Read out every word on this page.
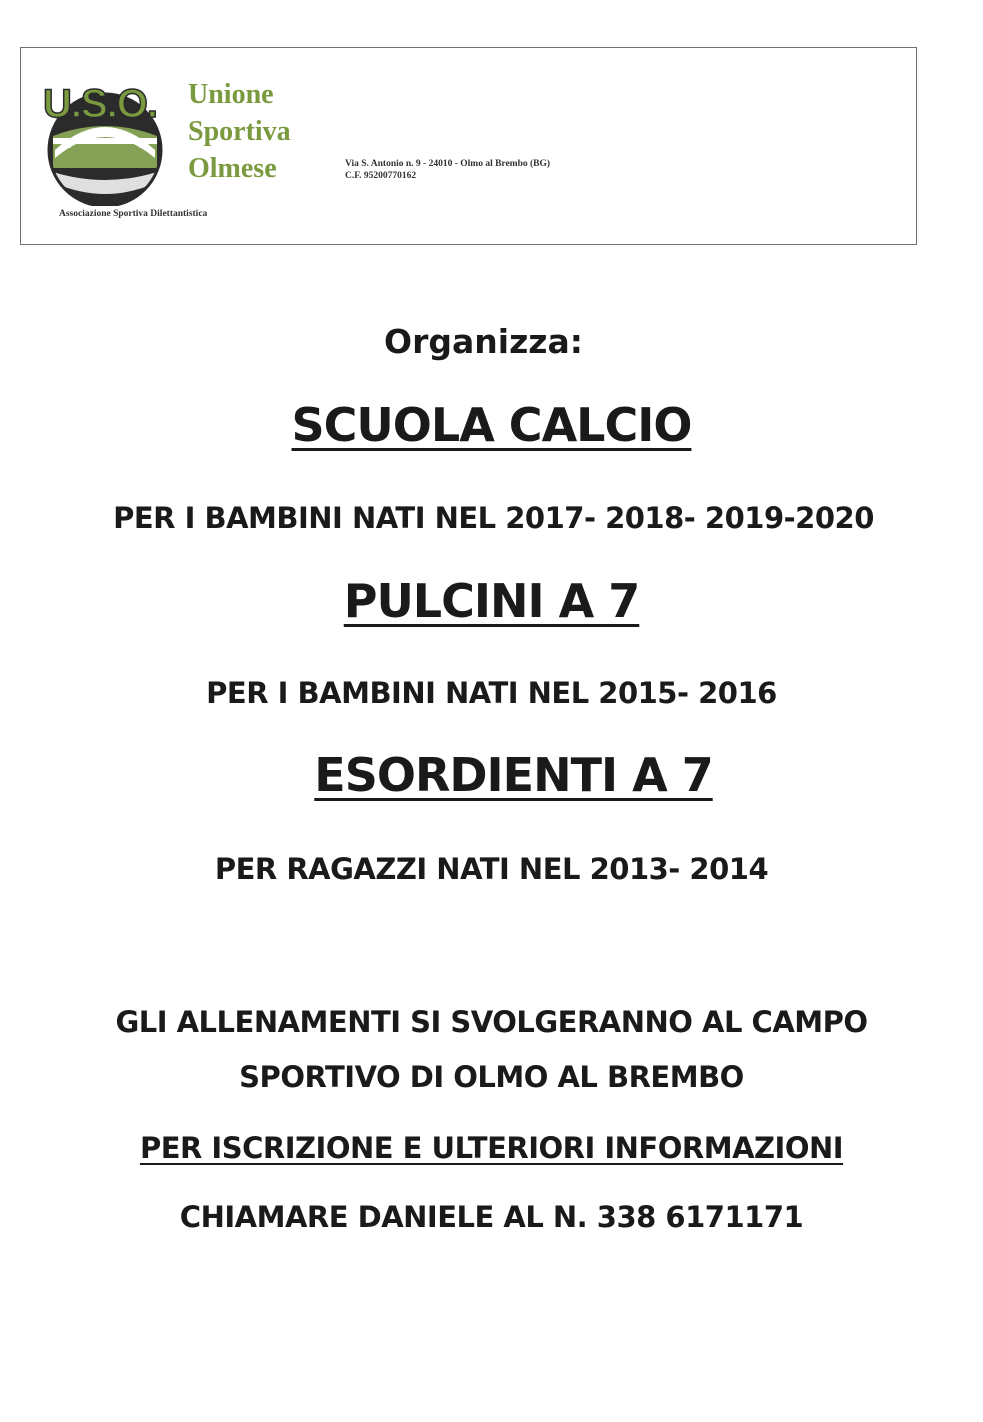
U.S.O.	Unione
Sportiva
Olmese	Via S. Antonio n. 9 - 24010 - Olmo al Brembo (BG)
C.F. 95200770162
Associazione Sportiva Dilettantistica
Organizza:
SCUOLA CALCIO
PER I BAMBINI NATI NEL 2017- 2018- 2019-2020
PULCINI A 7
PER I BAMBINI NATI NEL 2015- 2016
ESORDIENTI A 7
PER RAGAZZI NATI NEL 2013- 2014
GLI ALLENAMENTI SI SVOLGERANNO AL CAMPO
SPORTIVO DI OLMO AL BREMBO
PER ISCRIZIONE E ULTERIORI INFORMAZIONI
CHIAMARE DANIELE AL N. 338 6171171
